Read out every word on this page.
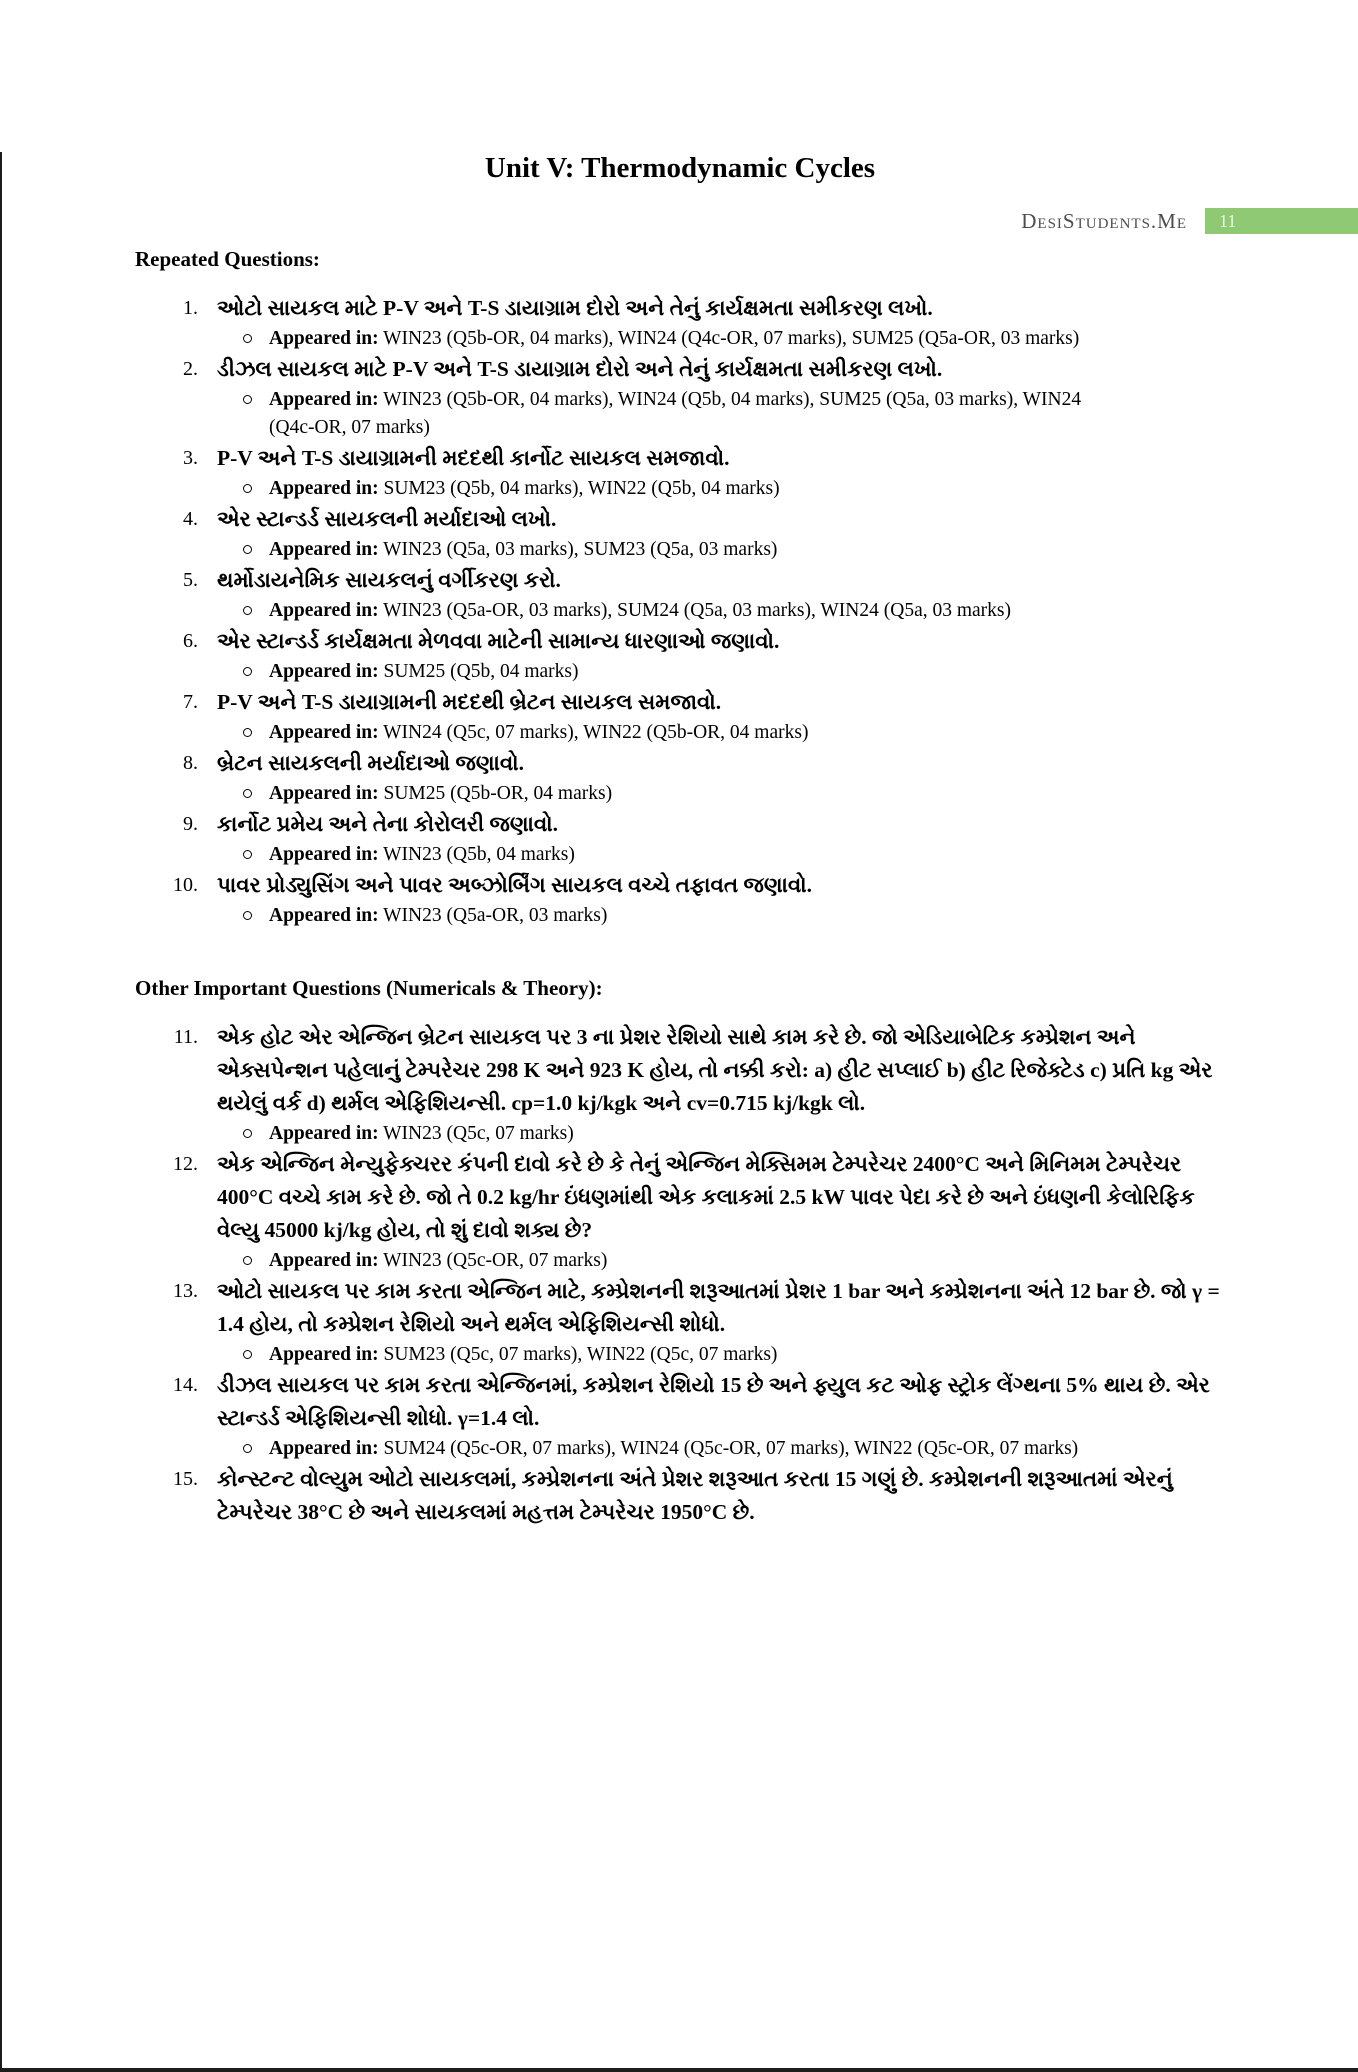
DesiStudents.Me 11
Unit V: Thermodynamic Cycles
Repeated Questions:
1. ઓટો સાયકલ માટે P-V અને T-S ડાયાગ્રામ દોરો અને તેનું કાર્યક્ષમતા સમીકરણ લખો.
Appeared in: WIN23 (Q5b-OR, 04 marks), WIN24 (Q4c-OR, 07 marks), SUM25 (Q5a-OR, 03 marks)
2. ડીઝલ સાયકલ માટે P-V અને T-S ડાયાગ્રામ દોરો અને તેનું કાર્યક્ષમતા સમીકરણ લખો.
Appeared in: WIN23 (Q5b-OR, 04 marks), WIN24 (Q5b, 04 marks), SUM25 (Q5a, 03 marks), WIN24 (Q4c-OR, 07 marks)
3. P-V અને T-S ડાયાગ્રામની મદદથી કાર્નોટ સાયકલ સમજાવો.
Appeared in: SUM23 (Q5b, 04 marks), WIN22 (Q5b, 04 marks)
4. એર સ્ટાન્ડર્ડ સાયકલની મર્યાદાઓ લખો.
Appeared in: WIN23 (Q5a, 03 marks), SUM23 (Q5a, 03 marks)
5. થર્મોડાયનેમિક સાયકલનું વર્ગીકરણ કરો.
Appeared in: WIN23 (Q5a-OR, 03 marks), SUM24 (Q5a, 03 marks), WIN24 (Q5a, 03 marks)
6. એર સ્ટાન્ડર્ડ કાર્યક્ષમતા મેળવવા માટેની સામાન્ય ધારણાઓ જણાવો.
Appeared in: SUM25 (Q5b, 04 marks)
7. P-V અને T-S ડાયાગ્રામની મદદથી બ્રેટન સાયકલ સમજાવો.
Appeared in: WIN24 (Q5c, 07 marks), WIN22 (Q5b-OR, 04 marks)
8. બ્રેટન સાયકલની મર્યાદાઓ જણાવો.
Appeared in: SUM25 (Q5b-OR, 04 marks)
9. કાર્નોટ પ્રમેય અને તેના કોરોલરી જણાવો.
Appeared in: WIN23 (Q5b, 04 marks)
10. પાવર પ્રોડ્યુસિંગ અને પાવર અબ્ઝોર્બિંગ સાયકલ વચ્ચે તફાવત જણાવો.
Appeared in: WIN23 (Q5a-OR, 03 marks)
Other Important Questions (Numericals & Theory):
11. એક હોટ એર એન્જિન બ્રેટન સાયકલ પર 3 ના પ્રેશર રેશિયો સાથે કામ કરે છે. જો એડિયાબેટિક કમ્પ્રેશન અને એક્સપેન્શન પહેલાનું ટેમ્પરેચર 298 K અને 923 K હોય, તો નક્કી કરો: a) હીટ સપ્લાઈ b) હીટ રિજેક્ટેડ c) પ્રતિ kg એર થયેલું વર્ક d) થર્મલ એફિશિયન્સી. cp=1.0 kj/kgk અને cv=0.715 kj/kgk લો.
Appeared in: WIN23 (Q5c, 07 marks)
12. એક એન્જિન મેન્યુફેક્ચરર કંપની દાવો કરે છે કે તેનું એન્જિન મેક્સિમમ ટેમ્પરેચર 2400°C અને મિનિમમ ટેમ્પરેચર 400°C વચ્ચે કામ કરે છે. જો તે 0.2 kg/hr ઇંધણમાંથી એક કલાકમાં 2.5 kW પાવર પેદા કરે છે અને ઇંધણની કેલોરિફિક વેલ્યુ 45000 kj/kg હોય, તો શું દાવો શક્ય છે?
Appeared in: WIN23 (Q5c-OR, 07 marks)
13. ઓટો સાયકલ પર કામ કરતા એન્જિન માટે, કમ્પ્રેશનની શરૂઆતમાં પ્રેશર 1 bar અને કમ્પ્રેશનના અંતે 12 bar છે. જો γ = 1.4 હોય, તો કમ્પ્રેશન રેશિયો અને થર્મલ એફિશિયન્સી શોધો.
Appeared in: SUM23 (Q5c, 07 marks), WIN22 (Q5c, 07 marks)
14. ડીઝલ સાયકલ પર કામ કરતા એન્જિનમાં, કમ્પ્રેશન રેશિયો 15 છે અને ફ્યુલ કટ ઓફ સ્ટ્રોક લેંગ્થના 5% થાય છે. એર સ્ટાન્ડર્ડ એફિશિયન્સી શોધો. γ=1.4 લો.
Appeared in: SUM24 (Q5c-OR, 07 marks), WIN24 (Q5c-OR, 07 marks), WIN22 (Q5c-OR, 07 marks)
15. કોન્સ્ટન્ટ વોલ્યુમ ઓટો સાયકલમાં, કમ્પ્રેશનના અંતે પ્રેશર શરૂઆત કરતા 15 ગણું છે. કમ્પ્રેશનની શરૂઆતમાં એરનું ટેમ્પરેચર 38°C છે અને સાયકલમાં મહત્તમ ટેમ્પરેચર 1950°C છે.
